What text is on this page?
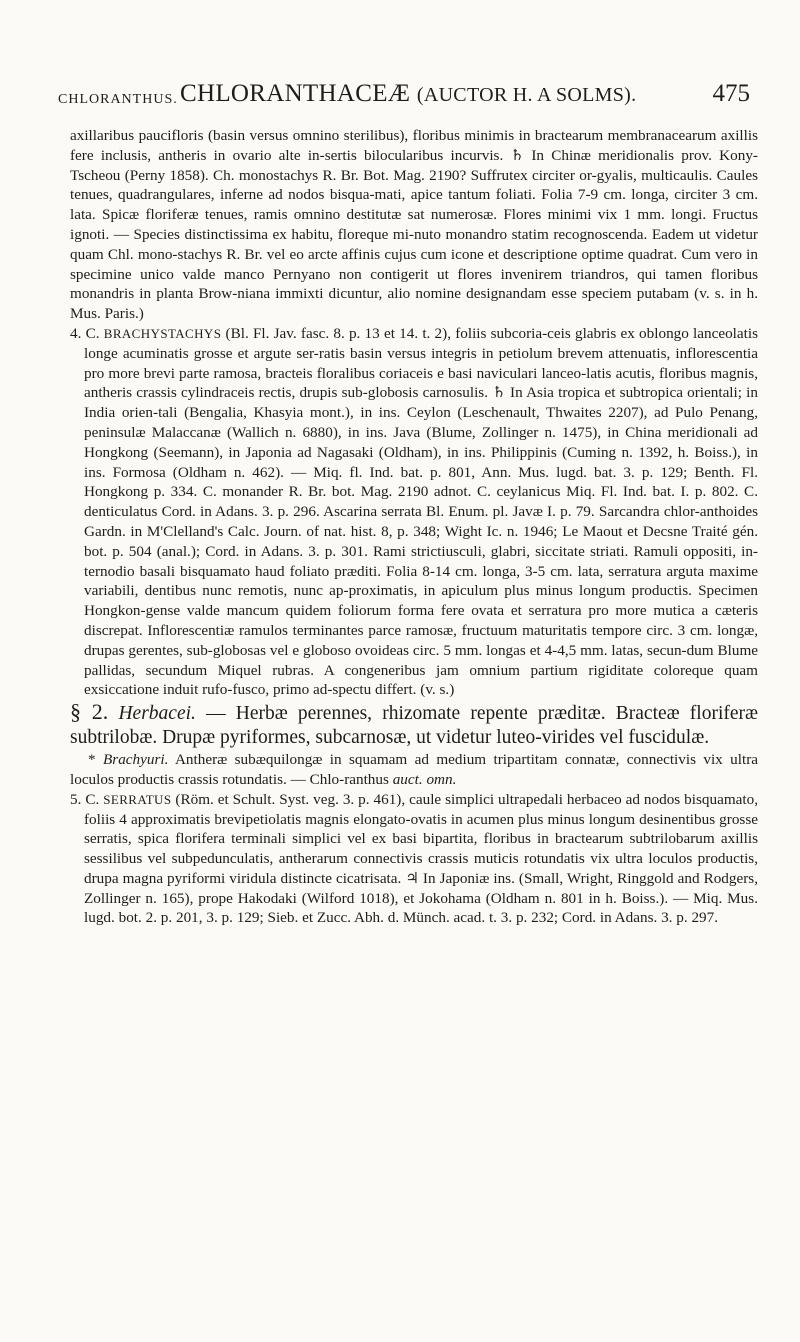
CHLORANTHUS. CHLORANTHACEÆ (AUCTOR H. A SOLMS).	475

axillaribus paucifloris (basin versus omnino sterilibus), floribus minimis in bractearum membranacearum axillis fere inclusis, antheris in ovario alte in-sertis bilocularibus incurvis. ♄ In Chinæ meridionalis prov. Kony-Tscheou (Perny 1858). Ch. monostachys R. Br. Bot. Mag. 2190? Suffrutex circiter or-gyalis, multicaulis. Caules tenues, quadrangulares, inferne ad nodos bisqua-mati, apice tantum foliati. Folia 7-9 cm. longa, circiter 3 cm. lata. Spicæ floriferæ tenues, ramis omnino destitutæ sat numerosæ. Flores minimi vix 1 mm. longi. Fructus ignoti. — Species distinctissima ex habitu, floreque mi-nuto monandro statim recognoscenda. Eadem ut videtur quam Chl. mono-stachys R. Br. vel eo arcte affinis cujus cum icone et descriptione optime quadrat. Cum vero in specimine unico valde manco Pernyano non contigerit ut flores invenirem triandros, qui tamen floribus monandris in planta Brow-niana immixti dicuntur, alio nomine designandam esse speciem putabam (v. s. in h. Mus. Paris.)

4. C. BRACHYSTACHYS (Bl. Fl. Jav. fasc. 8. p. 13 et 14. t. 2), foliis subcoria-ceis glabris ex oblongo lanceolatis longe acuminatis grosse et argute ser-ratis basin versus integris in petiolum brevem attenuatis, inflorescentia pro more brevi parte ramosa, bracteis floralibus coriaceis e basi naviculari lanceo-latis acutis, floribus magnis, antheris crassis cylindraceis rectis, drupis sub-globosis carnosulis. ♄ In Asia tropica et subtropica orientali; in India orien-tali (Bengalia, Khasyia mont.), in ins. Ceylon (Leschenault, Thwaites 2207), ad Pulo Penang, peninsulæ Malaccanæ (Wallich n. 6880), in ins. Java (Blume, Zollinger n. 1475), in China meridionali ad Hongkong (Seemann), in Japonia ad Nagasaki (Oldham), in ins. Philippinis (Cuming n. 1392, h. Boiss.), in ins. Formosa (Oldham n. 462). — Miq. fl. Ind. bat. p. 801, Ann. Mus. lugd. bat. 3. p. 129; Benth. Fl. Hongkong p. 334. C. monander R. Br. bot. Mag. 2190 adnot. C. ceylanicus Miq. Fl. Ind. bat. I. p. 802. C. denticulatus Cord. in Adans. 3. p. 296. Ascarina serrata Bl. Enum. pl. Javæ I. p. 79. Sarcandra chlor-anthoides Gardn. in M'Clelland's Calc. Journ. of nat. hist. 8, p. 348; Wight Ic. n. 1946; Le Maout et Decsne Traité gén. bot. p. 504 (anal.); Cord. in Adans. 3. p. 301. Rami strictiusculi, glabri, siccitate striati. Ramuli oppositi, in-ternodio basali bisquamato haud foliato præditi. Folia 8-14 cm. longa, 3-5 cm. lata, serratura arguta maxime variabili, dentibus nunc remotis, nunc ap-proximatis, in apiculum plus minus longum productis. Specimen Hongkon-gense valde mancum quidem foliorum forma fere ovata et serratura pro more mutica a cæteris discrepat. Inflorescentiæ ramulos terminantes parce ramosæ, fructuum maturitatis tempore circ. 3 cm. longæ, drupas gerentes, sub-globosas vel e globoso ovoideas circ. 5 mm. longas et 4-4,5 mm. latas, secun-dum Blume pallidas, secundum Miquel rubras. A congeneribus jam omnium partium rigiditate coloreque quam exsiccatione induit rufo-fusco, primo ad-spectu differt. (v. s.)

§ 2. Herbacei. — Herbæ perennes, rhizomate repente præditæ. Bracteæ floriferæ subtrilobæ. Drupæ pyriformes, subcarnosæ, ut videtur luteo-virides vel fuscidulæ.

* Brachyuri. Antheræ subæquilongæ in squamam ad medium tripartitam connatæ, connectivis vix ultra loculos productis crassis rotundatis. — Chlo-ranthus auct. omn.

5. C. SERRATUS (Röm. et Schult. Syst. veg. 3. p. 461), caule simplici ultrapedali herbaceo ad nodos bisquamato, foliis 4 approximatis brevipetiolatis magnis elongato-ovatis in acumen plus minus longum desinentibus grosse serratis, spica florifera terminali simplici vel ex basi bipartita, floribus in bractearum subtrilobarum axillis sessilibus vel subpedunculatis, antherarum connectivis crassis muticis rotundatis vix ultra loculos productis, drupa magna pyriformi viridula distincte cicatrisata. ♃ In Japoniæ ins. (Small, Wright, Ringgold and Rodgers, Zollinger n. 165), prope Hakodaki (Wilford 1018), et Jokohama (Oldham n. 801 in h. Boiss.). — Miq. Mus. lugd. bot. 2. p. 201, 3. p. 129; Sieb. et Zucc. Abh. d. Münch. acad. t. 3. p. 232; Cord. in Adans. 3. p. 297.
